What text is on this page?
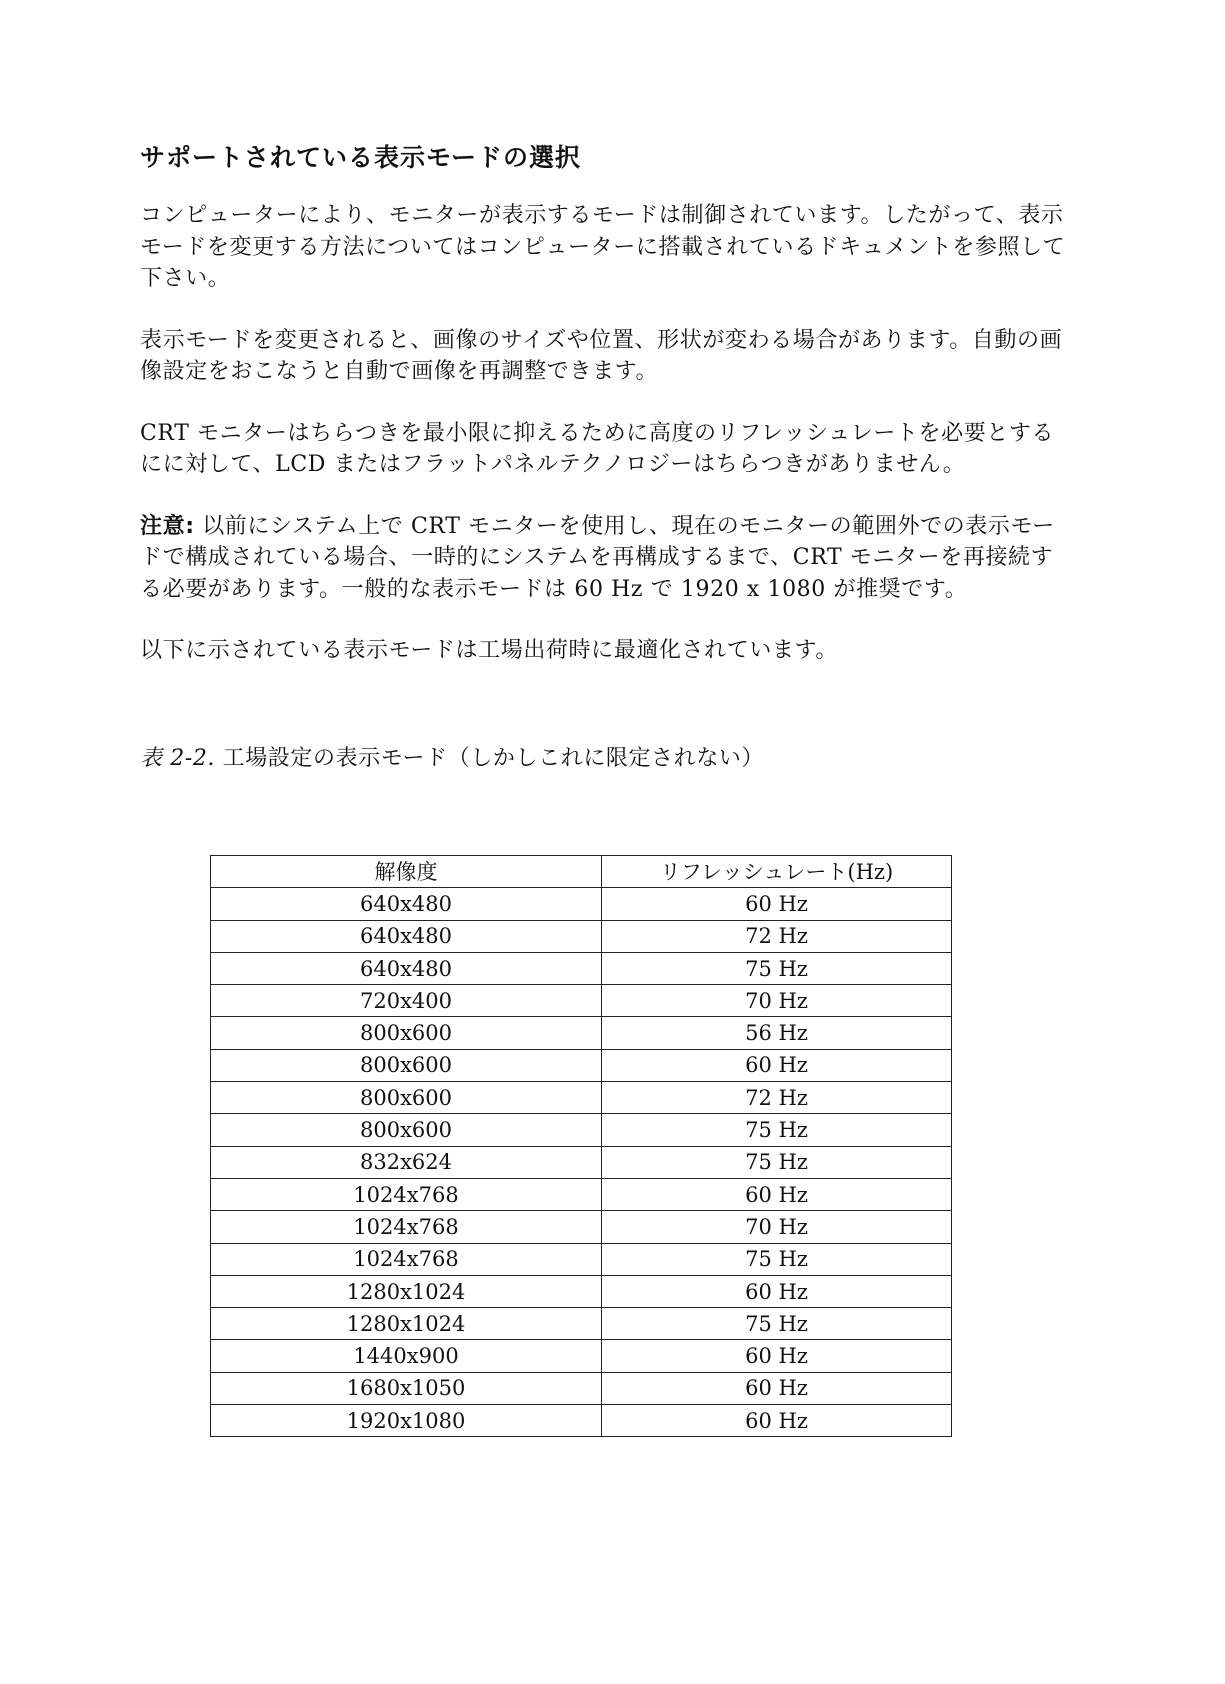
サポートされている表示モードの選択

コンピューターにより、モニターが表示するモードは制御されています。したがって、表示モードを変更する方法についてはコンピューターに搭載されているドキュメントを参照して下さい。

表示モードを変更されると、画像のサイズや位置、形状が変わる場合があります。自動の画像設定をおこなうと自動で画像を再調整できます。

CRT モニターはちらつきを最小限に抑えるために高度のリフレッシュレートを必要とするにに対して、LCD またはフラットパネルテクノロジーはちらつきがありません。

注意: 以前にシステム上で CRT モニターを使用し、現在のモニターの範囲外での表示モードで構成されている場合、一時的にシステムを再構成するまで、CRT モニターを再接続する必要があります。一般的な表示モードは 60 Hz で 1920 x 1080 が推奨です。

以下に示されている表示モードは工場出荷時に最適化されています。

表 2-2. 工場設定の表示モード（しかしこれに限定されない）
解像度	リフレッシュレート(Hz)
640x480	60 Hz
640x480	72 Hz
640x480	75 Hz
720x400	70 Hz
800x600	56 Hz
800x600	60 Hz
800x600	72 Hz
800x600	75 Hz
832x624	75 Hz
1024x768	60 Hz
1024x768	70 Hz
1024x768	75 Hz
1280x1024	60 Hz
1280x1024	75 Hz
1440x900	60 Hz
1680x1050	60 Hz
1920x1080	60 Hz
